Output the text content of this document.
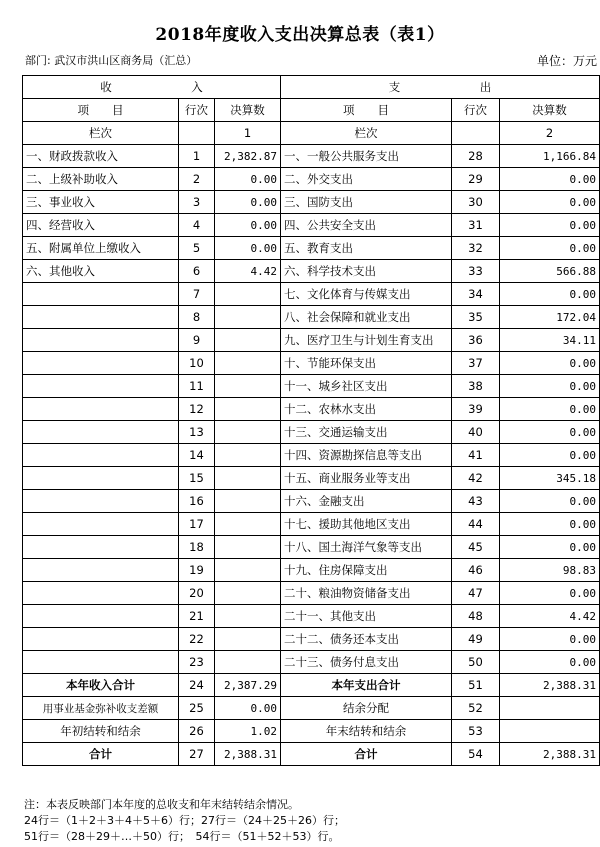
2018年度收入支出决算总表（表1）
部门: 武汉市洪山区商务局（汇总）	单位：万元
收　入			支　出		
项　　目	行次	决算数	项　　目	行次	决算数
栏次		1	栏次		2
一、财政拨款收入	1	2,382.87	一、一般公共服务支出	28	1,166.84
二、上级补助收入	2	0.00	二、外交支出	29	0.00
三、事业收入	3	0.00	三、国防支出	30	0.00
四、经营收入	4	0.00	四、公共安全支出	31	0.00
五、附属单位上缴收入	5	0.00	五、教育支出	32	0.00
六、其他收入	6	4.42	六、科学技术支出	33	566.88
	7		七、文化体育与传媒支出	34	0.00
	8		八、社会保障和就业支出	35	172.04
	9		九、医疗卫生与计划生育支出	36	34.11
	10		十、节能环保支出	37	0.00
	11		十一、城乡社区支出	38	0.00
	12		十二、农林水支出	39	0.00
	13		十三、交通运输支出	40	0.00
	14		十四、资源勘探信息等支出	41	0.00
	15		十五、商业服务业等支出	42	345.18
	16		十六、金融支出	43	0.00
	17		十七、援助其他地区支出	44	0.00
	18		十八、国土海洋气象等支出	45	0.00
	19		十九、住房保障支出	46	98.83
	20		二十、粮油物资储备支出	47	0.00
	21		二十一、其他支出	48	4.42
	22		二十二、债务还本支出	49	0.00
	23		二十三、债务付息支出	50	0.00
本年收入合计	24	2,387.29	本年支出合计	51	2,388.31
用事业基金弥补收支差额	25	0.00	结余分配	52	
年初结转和结余	26	1.02	年末结转和结余	53	
合计	27	2,388.31	合计	54	2,388.31
注：本表反映部门本年度的总收支和年末结转结余情况。
24行＝（1＋2＋3＋4＋5＋6）行；27行＝（24＋25＋26）行；
51行＝（28＋29＋…＋50）行；　54行＝（51＋52＋53）行。
